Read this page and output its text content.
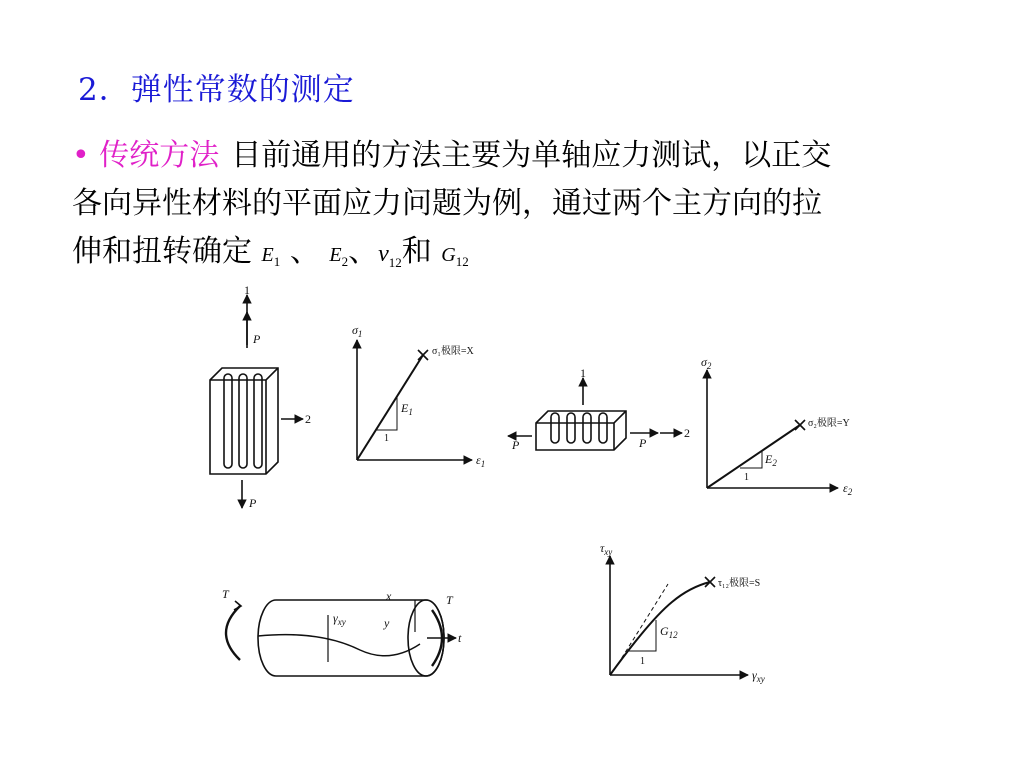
2．弹性常数的测定
• 传统方法 目前通用的方法主要为单轴应力测试，以正交
各向异性材料的平面应力问题为例，通过两个主方向的拉
伸和扭转确定 $E_1$ 、 $E_2$、$\nu_{12}$和 $G_{12}$
1
P
2
P
$\sigma_1$
$\varepsilon_1$
$E_1$
1
σ₁极限=X
1
P	P
2
$\sigma_2$
$\varepsilon_2$
$E_2$
1
σ₂极限=Y
T
$\gamma_{xy}$
x
y
t
T
$\tau_{xy}$
$\gamma_{xy}$
$G_{12}$
1
τ₁₂极限=S
